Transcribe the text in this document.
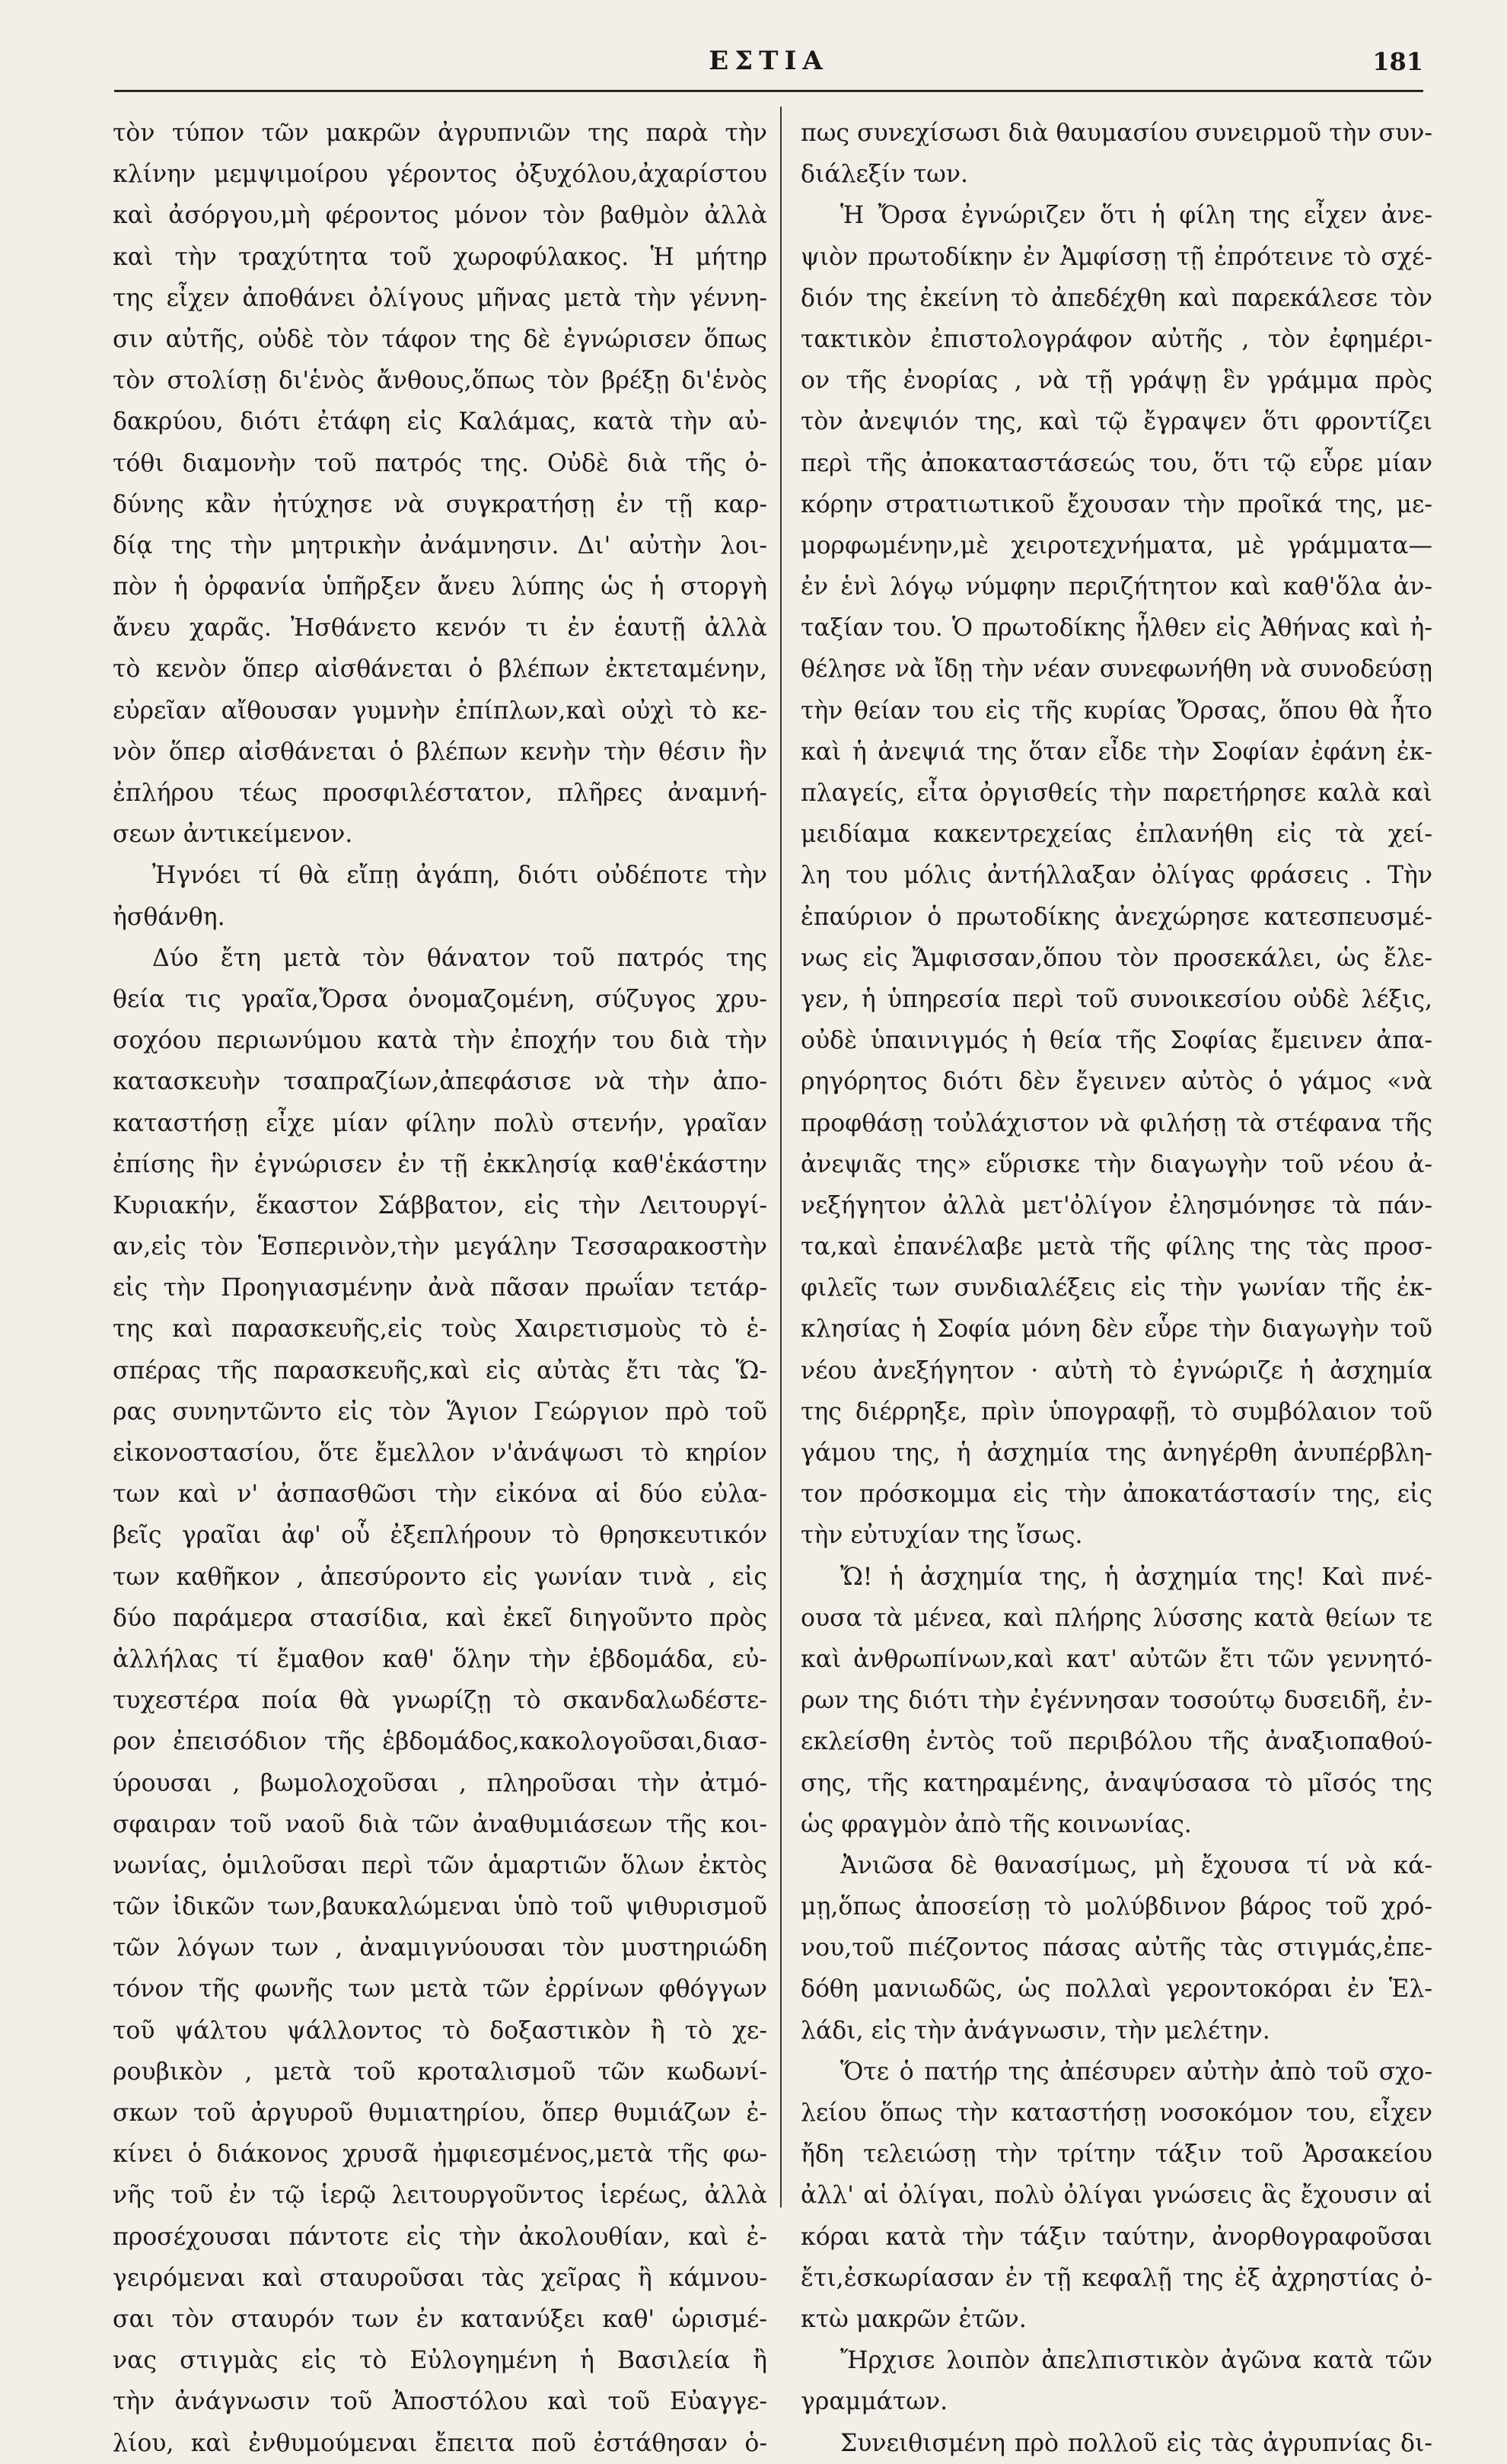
ΕΣΤΙΑ	181
τὸν τύπον τῶν μακρῶν ἀγρυπνιῶν της παρὰ τὴν
κλίνην μεμψιμοίρου γέροντος ὀξυχόλου,ἀχαρίστου
καὶ ἀσόργου,μὴ φέροντος μόνον τὸν βαθμὸν ἀλλὰ
καὶ τὴν τραχύτητα τοῦ χωροφύλακος. Ἡ μήτηρ
της εἶχεν ἀποθάνει ὀλίγους μῆνας μετὰ τὴν γέννη-
σιν αὐτῆς, οὐδὲ τὸν τάφον της δὲ ἐγνώρισεν ὅπως
τὸν στολίσῃ δι'ἑνὸς ἄνθους,ὅπως τὸν βρέξῃ δι'ἑνὸς
δακρύου, διότι ἐτάφη εἰς Καλάμας, κατὰ τὴν αὐ-
τόθι διαμονὴν τοῦ πατρός της. Οὐδὲ διὰ τῆς ὀ-
δύνης κἂν ἠτύχησε νὰ συγκρατήσῃ ἐν τῇ καρ-
δίᾳ της τὴν μητρικὴν ἀνάμνησιν. Δι' αὐτὴν λοι-
πὸν ἡ ὀρφανία ὑπῆρξεν ἄνευ λύπης ὡς ἡ στοργὴ
ἄνευ χαρᾶς. Ἠσθάνετο κενόν τι ἐν ἑαυτῇ ἀλλὰ
τὸ κενὸν ὅπερ αἰσθάνεται ὁ βλέπων ἐκτεταμένην,
εὐρεῖαν αἴθουσαν γυμνὴν ἐπίπλων,καὶ οὐχὶ τὸ κε-
νὸν ὅπερ αἰσθάνεται ὁ βλέπων κενὴν τὴν θέσιν ἣν
ἐπλήρου τέως προσφιλέστατον, πλῆρες ἀναμνή-
σεων ἀντικείμενον.
Ἠγνόει τί θὰ εἴπῃ ἀγάπη, διότι οὐδέποτε τὴν
ἠσθάνθη.
Δύο ἔτη μετὰ τὸν θάνατον τοῦ πατρός της
θεία τις γραῖα,Ὄρσα ὀνομαζομένη, σύζυγος χρυ-
σοχόου περιωνύμου κατὰ τὴν ἐποχήν του διὰ τὴν
κατασκευὴν τσαπραζίων,ἀπεφάσισε νὰ τὴν ἀπο-
καταστήσῃ εἶχε μίαν φίλην πολὺ στενήν, γραῖαν
ἐπίσης ἣν ἐγνώρισεν ἐν τῇ ἐκκλησίᾳ καθ'ἑκάστην
Κυριακήν, ἕκαστον Σάββατον, εἰς τὴν Λειτουργί-
αν,εἰς τὸν Ἑσπερινὸν,τὴν μεγάλην Τεσσαρακοστὴν
εἰς τὴν Προηγιασμένην ἀνὰ πᾶσαν πρωΐαν τετάρ-
της καὶ παρασκευῆς,εἰς τοὺς Χαιρετισμοὺς τὸ ἑ-
σπέρας τῆς παρασκευῆς,καὶ εἰς αὐτὰς ἔτι τὰς Ὥ-
ρας συνηντῶντο εἰς τὸν Ἅγιον Γεώργιον πρὸ τοῦ
εἰκονοστασίου, ὅτε ἔμελλον ν'ἀνάψωσι τὸ κηρίον
των καὶ ν' ἀσπασθῶσι τὴν εἰκόνα αἱ δύο εὐλα-
βεῖς γραῖαι ἀφ' οὗ ἐξεπλήρουν τὸ θρησκευτικόν
των καθῆκον , ἀπεσύροντο εἰς γωνίαν τινὰ , εἰς
δύο παράμερα στασίδια, καὶ ἐκεῖ διηγοῦντο πρὸς
ἀλλήλας τί ἔμαθον καθ' ὅλην τὴν ἑβδομάδα, εὐ-
τυχεστέρα ποία θὰ γνωρίζῃ τὸ σκανδαλωδέστε-
ρον ἐπεισόδιον τῆς ἑβδομάδος,κακολογοῦσαι,διασ-
ύρουσαι , βωμολοχοῦσαι , πληροῦσαι τὴν ἀτμό-
σφαιραν τοῦ ναοῦ διὰ τῶν ἀναθυμιάσεων τῆς κοι-
νωνίας, ὁμιλοῦσαι περὶ τῶν ἁμαρτιῶν ὅλων ἐκτὸς
τῶν ἰδικῶν των,βαυκαλώμεναι ὑπὸ τοῦ ψιθυρισμοῦ
τῶν λόγων των , ἀναμιγνύουσαι τὸν μυστηριώδη
τόνον τῆς φωνῆς των μετὰ τῶν ἐρρίνων φθόγγων
τοῦ ψάλτου ψάλλοντος τὸ δοξαστικὸν ἢ τὸ χε-
ρουβικὸν , μετὰ τοῦ κροταλισμοῦ τῶν κωδωνί-
σκων τοῦ ἀργυροῦ θυμιατηρίου, ὅπερ θυμιάζων ἐ-
κίνει ὁ διάκονος χρυσᾶ ἠμφιεσμένος,μετὰ τῆς φω-
νῆς τοῦ ἐν τῷ ἱερῷ λειτουργοῦντος ἱερέως, ἀλλὰ
προσέχουσαι πάντοτε εἰς τὴν ἀκολουθίαν, καὶ ἐ-
γειρόμεναι καὶ σταυροῦσαι τὰς χεῖρας ἢ κάμνου-
σαι τὸν σταυρόν των ἐν κατανύξει καθ' ὡρισμέ-
νας στιγμὰς εἰς τὸ Εὐλογημένη ἡ Βασιλεία ἢ
τὴν ἀνάγνωσιν τοῦ Ἀποστόλου καὶ τοῦ Εὐαγγε-
λίου, καὶ ἐνθυμούμεναι ἔπειτα ποῦ ἐστάθησαν ὁ-
πως συνεχίσωσι διὰ θαυμασίου συνειρμοῦ τὴν συν-
διάλεξίν των.
Ἡ Ὄρσα ἐγνώριζεν ὅτι ἡ φίλη της εἶχεν ἀνε-
ψιὸν πρωτοδίκην ἐν Ἀμφίσσῃ τῇ ἐπρότεινε τὸ σχέ-
διόν της ἐκείνη τὸ ἀπεδέχθη καὶ παρεκάλεσε τὸν
τακτικὸν ἐπιστολογράφον αὐτῆς , τὸν ἐφημέρι-
ον τῆς ἐνορίας , νὰ τῇ γράψῃ ἓν γράμμα πρὸς
τὸν ἀνεψιόν της, καὶ τῷ ἔγραψεν ὅτι φροντίζει
περὶ τῆς ἀποκαταστάσεώς του, ὅτι τῷ εὗρε μίαν
κόρην στρατιωτικοῦ ἔχουσαν τὴν προῖκά της, με-
μορφωμένην,μὲ χειροτεχνήματα, μὲ γράμματα—
ἐν ἑνὶ λόγῳ νύμφην περιζήτητον καὶ καθ'ὅλα ἀν-
ταξίαν του. Ὁ πρωτοδίκης ἦλθεν εἰς Ἀθήνας καὶ ἠ-
θέλησε νὰ ἴδῃ τὴν νέαν συνεφωνήθη νὰ συνοδεύσῃ
τὴν θείαν του εἰς τῆς κυρίας Ὄρσας, ὅπου θὰ ἦτο
καὶ ἡ ἀνεψιά της ὅταν εἶδε τὴν Σοφίαν ἐφάνη ἐκ-
πλαγείς, εἶτα ὀργισθείς τὴν παρετήρησε καλὰ καὶ
μειδίαμα κακεντρεχείας ἐπλανήθη εἰς τὰ χεί-
λη του μόλις ἀντήλλαξαν ὀλίγας φράσεις . Τὴν
ἐπαύριον ὁ πρωτοδίκης ἀνεχώρησε κατεσπευσμέ-
νως εἰς Ἄμφισσαν,ὅπου τὸν προσεκάλει, ὡς ἔλε-
γεν, ἡ ὑπηρεσία περὶ τοῦ συνοικεσίου οὐδὲ λέξις,
οὐδὲ ὑπαινιγμός ἡ θεία τῆς Σοφίας ἔμεινεν ἀπα-
ρηγόρητος διότι δὲν ἔγεινεν αὐτὸς ὁ γάμος «νὰ
προφθάσῃ τοὐλάχιστον νὰ φιλήσῃ τὰ στέφανα τῆς
ἀνεψιᾶς της» εὕρισκε τὴν διαγωγὴν τοῦ νέου ἀ-
νεξήγητον ἀλλὰ μετ'ὀλίγον ἐλησμόνησε τὰ πάν-
τα,καὶ ἐπανέλαβε μετὰ τῆς φίλης της τὰς προσ-
φιλεῖς των συνδιαλέξεις εἰς τὴν γωνίαν τῆς ἐκ-
κλησίας ἡ Σοφία μόνη δὲν εὗρε τὴν διαγωγὴν τοῦ
νέου ἀνεξήγητον · αὐτὴ τὸ ἐγνώριζε ἡ ἀσχημία
της διέρρηξε, πρὶν ὑπογραφῇ, τὸ συμβόλαιον τοῦ
γάμου της, ἡ ἀσχημία της ἀνηγέρθη ἀνυπέρβλη-
τον πρόσκομμα εἰς τὴν ἀποκατάστασίν της, εἰς
τὴν εὐτυχίαν της ἴσως.
Ὤ! ἡ ἀσχημία της, ἡ ἀσχημία της! Καὶ πνέ-
ουσα τὰ μένεα, καὶ πλήρης λύσσης κατὰ θείων τε
καὶ ἀνθρωπίνων,καὶ κατ' αὐτῶν ἔτι τῶν γεννητό-
ρων της διότι τὴν ἐγέννησαν τοσούτῳ δυσειδῆ, ἐν-
εκλείσθη ἐντὸς τοῦ περιβόλου τῆς ἀναξιοπαθού-
σης, τῆς κατηραμένης, ἀναψύσασα τὸ μῖσός της
ὡς φραγμὸν ἀπὸ τῆς κοινωνίας.
Ἀνιῶσα δὲ θανασίμως, μὴ ἔχουσα τί νὰ κά-
μῃ,ὅπως ἀποσείσῃ τὸ μολύβδινον βάρος τοῦ χρό-
νου,τοῦ πιέζοντος πάσας αὐτῆς τὰς στιγμάς,ἐπε-
δόθη μανιωδῶς, ὡς πολλαὶ γεροντοκόραι ἐν Ἑλ-
λάδι, εἰς τὴν ἀνάγνωσιν, τὴν μελέτην.
Ὅτε ὁ πατήρ της ἀπέσυρεν αὐτὴν ἀπὸ τοῦ σχο-
λείου ὅπως τὴν καταστήσῃ νοσοκόμον του, εἶχεν
ἤδη τελειώσῃ τὴν τρίτην τάξιν τοῦ Ἀρσακείου
ἀλλ' αἱ ὀλίγαι, πολὺ ὀλίγαι γνώσεις ἃς ἔχουσιν αἱ
κόραι κατὰ τὴν τάξιν ταύτην, ἀνορθογραφοῦσαι
ἔτι,ἐσκωρίασαν ἐν τῇ κεφαλῇ της ἐξ ἀχρηστίας ὀ-
κτὼ μακρῶν ἐτῶν.
Ἤρχισε λοιπὸν ἀπελπιστικὸν ἀγῶνα κατὰ τῶν
γραμμάτων.
Συνειθισμένη πρὸ πολλοῦ εἰς τὰς ἀγρυπνίας δι-
